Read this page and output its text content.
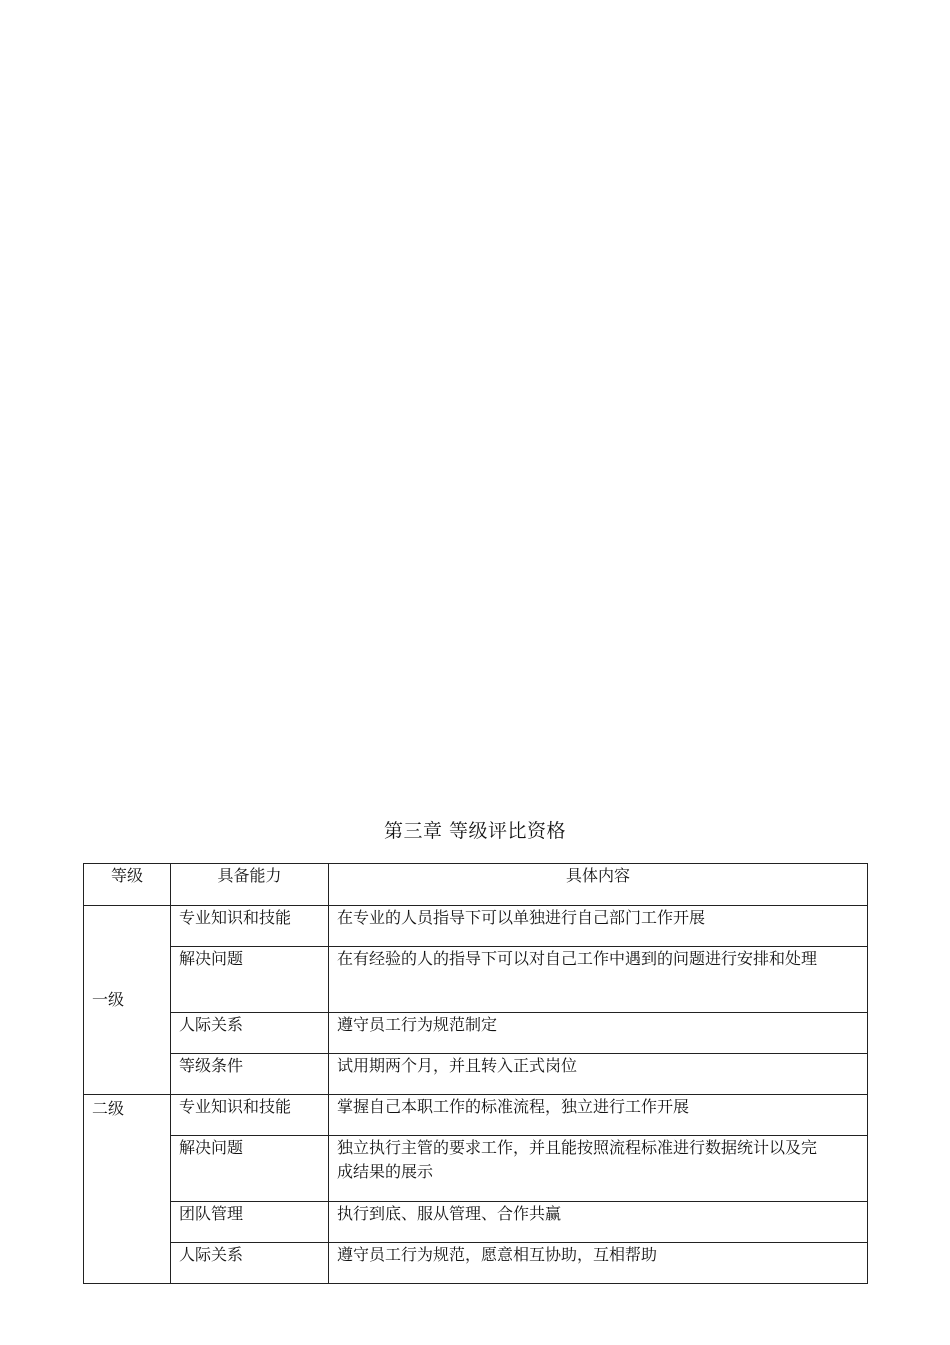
第三章 等级评比资格
等级	具备能力	具体内容
一级	专业知识和技能	在专业的人员指导下可以单独进行自己部门工作开展
	解决问题	在有经验的人的指导下可以对自己工作中遇到的问题进行安排和处理
	人际关系	遵守员工行为规范制定
	等级条件	试用期两个月，并且转入正式岗位
二级	专业知识和技能	掌握自己本职工作的标准流程，独立进行工作开展
	解决问题	独立执行主管的要求工作，并且能按照流程标准进行数据统计以及完成结果的展示
	团队管理	执行到底、服从管理、合作共赢
	人际关系	遵守员工行为规范，愿意相互协助，互相帮助
